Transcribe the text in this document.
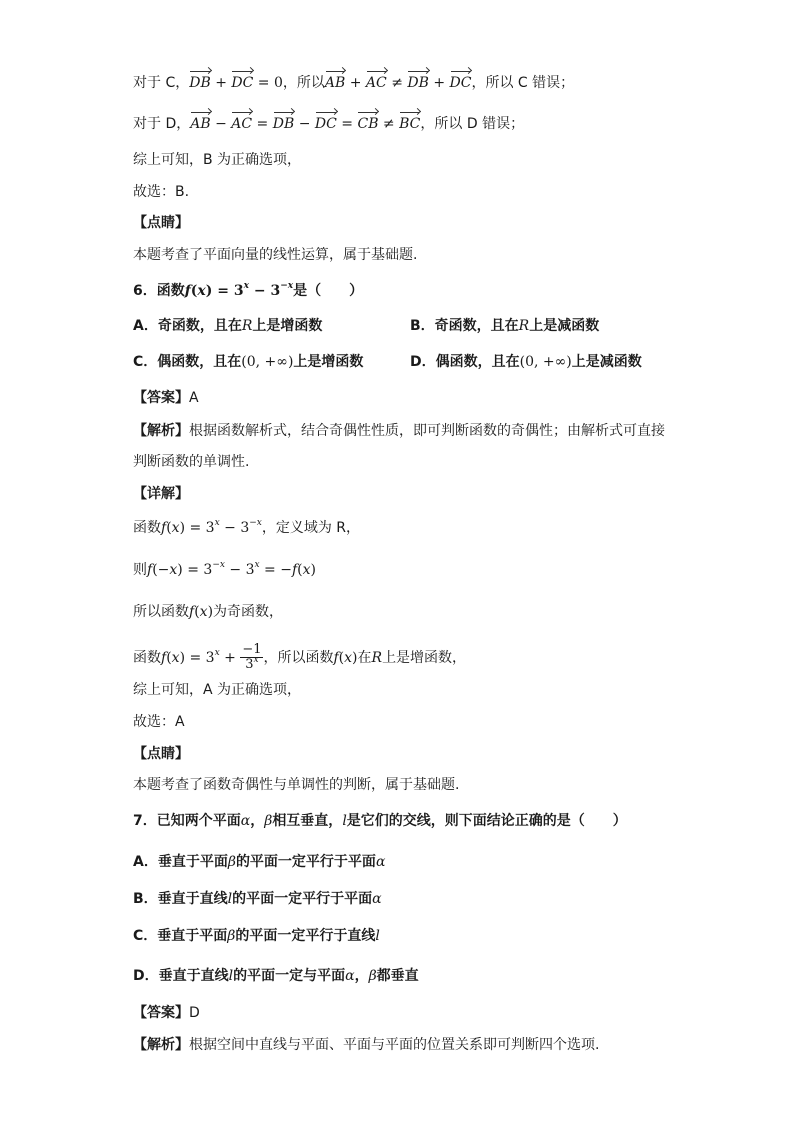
对于 C，DB + DC = 0，所以AB + AC ≠ DB + DC，所以 C 错误；
对于 D，AB − AC = DB − DC = CB ≠ BC，所以 D 错误；
综上可知，B 为正确选项，
故选：B.
【点睛】
本题考查了平面向量的线性运算，属于基础题.
6．函数$f(x) = 3^x - 3^{-x}$是（　　）
A．奇函数，且在R上是增函数	B．奇函数，且在R上是减函数
C．偶函数，且在(0, +∞)上是增函数	D．偶函数，且在(0, +∞)上是减函数
【答案】A
【解析】根据函数解析式，结合奇偶性性质，即可判断函数的奇偶性；由解析式可直接
判断函数的单调性.
【详解】
函数$f(x) = 3^x - 3^{-x}$，定义域为 R，
则$f(-x) = 3^{-x} - 3^x = -f(x)$
所以函数f(x)为奇函数，
函数$f(x) = 3^x + \frac{-1}{3^x}$ ，所以函数f(x)在R上是增函数，
综上可知，A 为正确选项，
故选：A
【点睛】
本题考查了函数奇偶性与单调性的判断，属于基础题.
7．已知两个平面α，β相互垂直，l是它们的交线，则下面结论正确的是（　　）
A．垂直于平面β的平面一定平行于平面α
B．垂直于直线l的平面一定平行于平面α
C．垂直于平面β的平面一定平行于直线l
D．垂直于直线l的平面一定与平面α，β都垂直
【答案】D
【解析】根据空间中直线与平面、平面与平面的位置关系即可判断四个选项.
